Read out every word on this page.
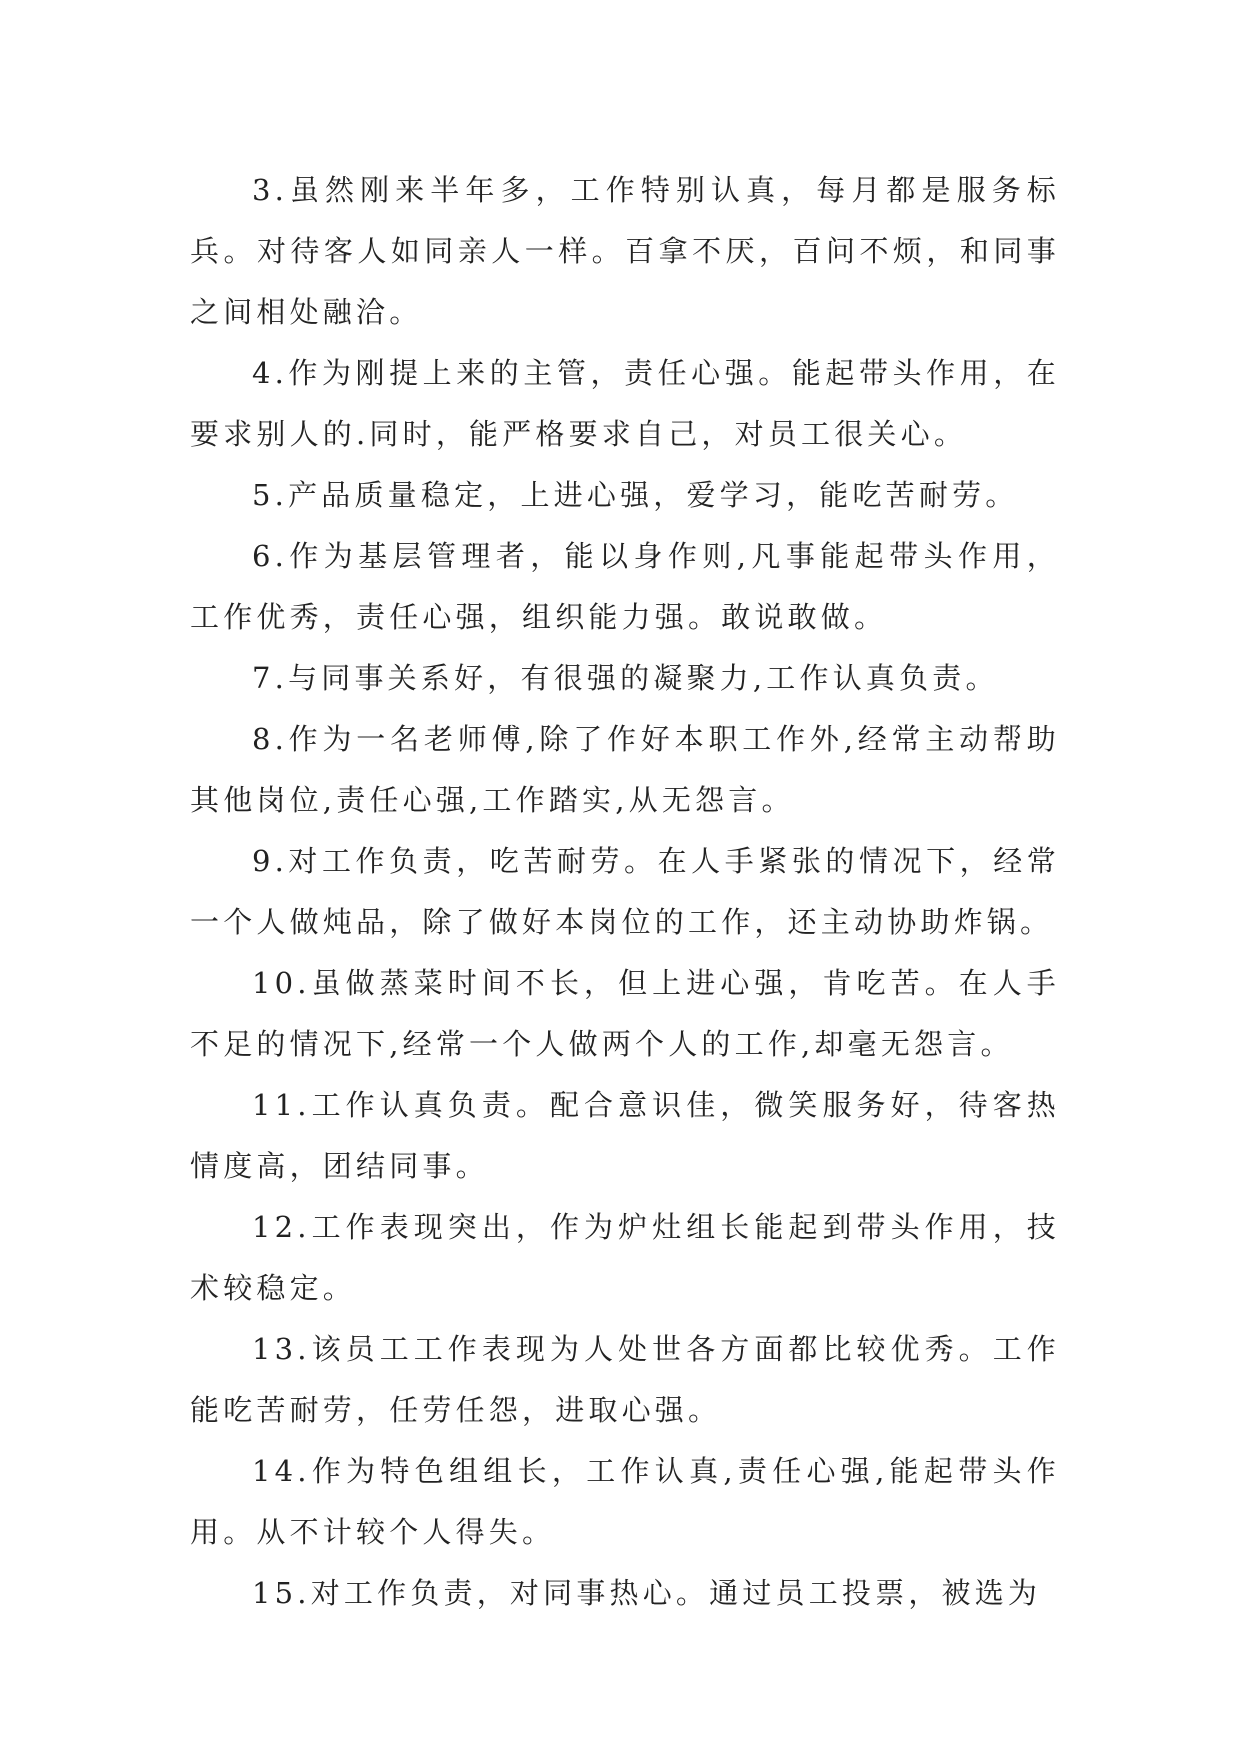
3.虽然刚来半年多，工作特别认真，每月都是服务标兵。对待客人如同亲人一样。百拿不厌，百问不烦，和同事之间相处融洽。

4.作为刚提上来的主管，责任心强。能起带头作用，在要求别人的.同时，能严格要求自己，对员工很关心。

5.产品质量稳定，上进心强，爱学习，能吃苦耐劳。

6.作为基层管理者，能以身作则,凡事能起带头作用，工作优秀，责任心强，组织能力强。敢说敢做。

7.与同事关系好，有很强的凝聚力,工作认真负责。

8.作为一名老师傅,除了作好本职工作外,经常主动帮助其他岗位,责任心强,工作踏实,从无怨言。

9.对工作负责，吃苦耐劳。在人手紧张的情况下，经常一个人做炖品，除了做好本岗位的工作，还主动协助炸锅。

10.虽做蒸菜时间不长，但上进心强，肯吃苦。在人手不足的情况下,经常一个人做两个人的工作,却毫无怨言。

11.工作认真负责。配合意识佳，微笑服务好，待客热情度高，团结同事。

12.工作表现突出，作为炉灶组长能起到带头作用，技术较稳定。

13.该员工工作表现为人处世各方面都比较优秀。工作能吃苦耐劳，任劳任怨，进取心强。

14.作为特色组组长，工作认真,责任心强,能起带头作用。从不计较个人得失。

15.对工作负责，对同事热心。通过员工投票，被选为
